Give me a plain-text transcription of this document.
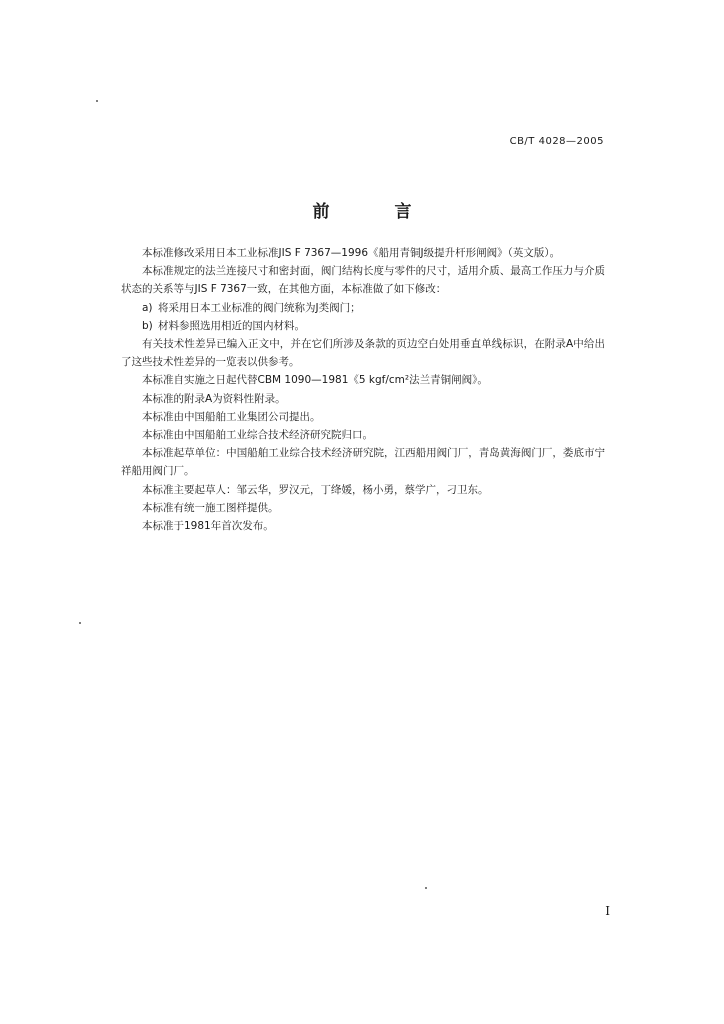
CB/T 4028—2005
前　言

本标准修改采用日本工业标准JIS F 7367—1996《船用青铜J级提升杆形闸阀》（英文版）。

本标准规定的法兰连接尺寸和密封面，阀门结构长度与零件的尺寸，适用介质、最高工作压力与介质状态的关系等与JIS F 7367一致，在其他方面，本标准做了如下修改：

a) 将采用日本工业标准的阀门统称为J类阀门；

b) 材料参照选用相近的国内材料。

有关技术性差异已编入正文中，并在它们所涉及条款的页边空白处用垂直单线标识，在附录A中给出了这些技术性差异的一览表以供参考。

本标准自实施之日起代替CBM 1090—1981《5 kgf/cm²法兰青铜闸阀》。

本标准的附录A为资料性附录。

本标准由中国船舶工业集团公司提出。

本标准由中国船舶工业综合技术经济研究院归口。

本标准起草单位：中国船舶工业综合技术经济研究院，江西船用阀门厂，青岛黄海阀门厂，娄底市宁祥船用阀门厂。

本标准主要起草人：邹云华，罗汉元，丁绛媛，杨小勇，蔡学广，刁卫东。

本标准有统一施工图样提供。

本标准于1981年首次发布。

I
